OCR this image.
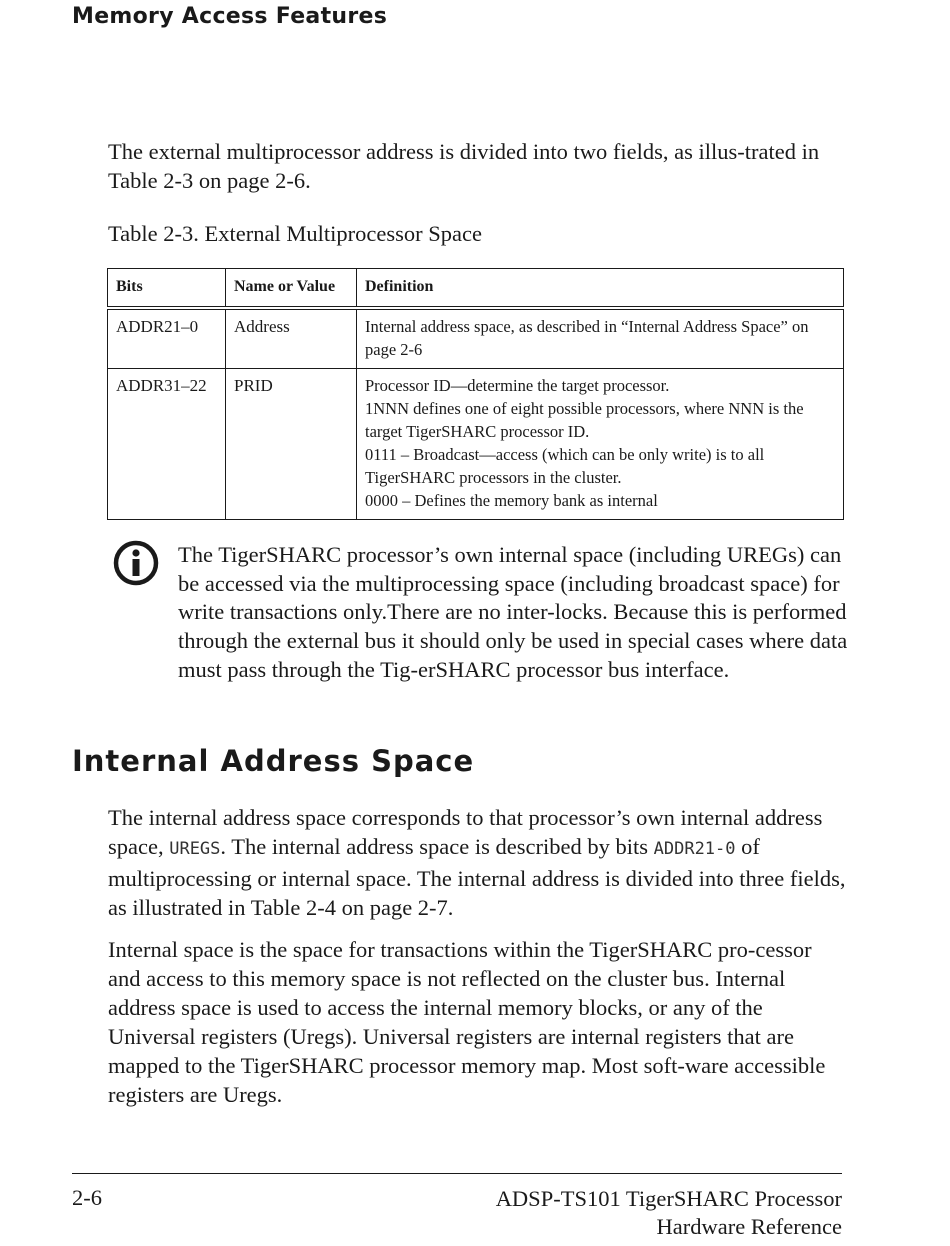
Memory Access Features

The external multiprocessor address is divided into two fields, as illus-trated in Table 2-3 on page 2-6.

Table 2-3. External Multiprocessor Space

Bits	Name or Value	Definition
ADDR21–0	Address	Internal address space, as described in “Internal Address Space” on page 2-6

ADDR31–22	PRID	Processor ID—determine the target processor.
1NNN defines one of eight possible processors, where NNN is the target TigerSHARC processor ID.
0111 – Broadcast—access (which can be only write) is to all TigerSHARC processors in the cluster.
0000 – Defines the memory bank as internal

The TigerSHARC processor’s own internal space (including UREGs) can be accessed via the multiprocessing space (including broadcast space) for write transactions only.There are no inter-locks. Because this is performed through the external bus it should only be used in special cases where data must pass through the Tig-erSHARC processor bus interface.

Internal Address Space

The internal address space corresponds to that processor’s own internal address space, UREGS. The internal address space is described by bits ADDR21-0 of multiprocessing or internal space. The internal address is divided into three fields, as illustrated in Table 2-4 on page 2-7.

Internal space is the space for transactions within the TigerSHARC pro-cessor and access to this memory space is not reflected on the cluster bus. Internal address space is used to access the internal memory blocks, or any of the Universal registers (Uregs). Universal registers are internal registers that are mapped to the TigerSHARC processor memory map. Most soft-ware accessible registers are Uregs.

2-6	ADSP-TS101 TigerSHARC Processor
Hardware Reference
